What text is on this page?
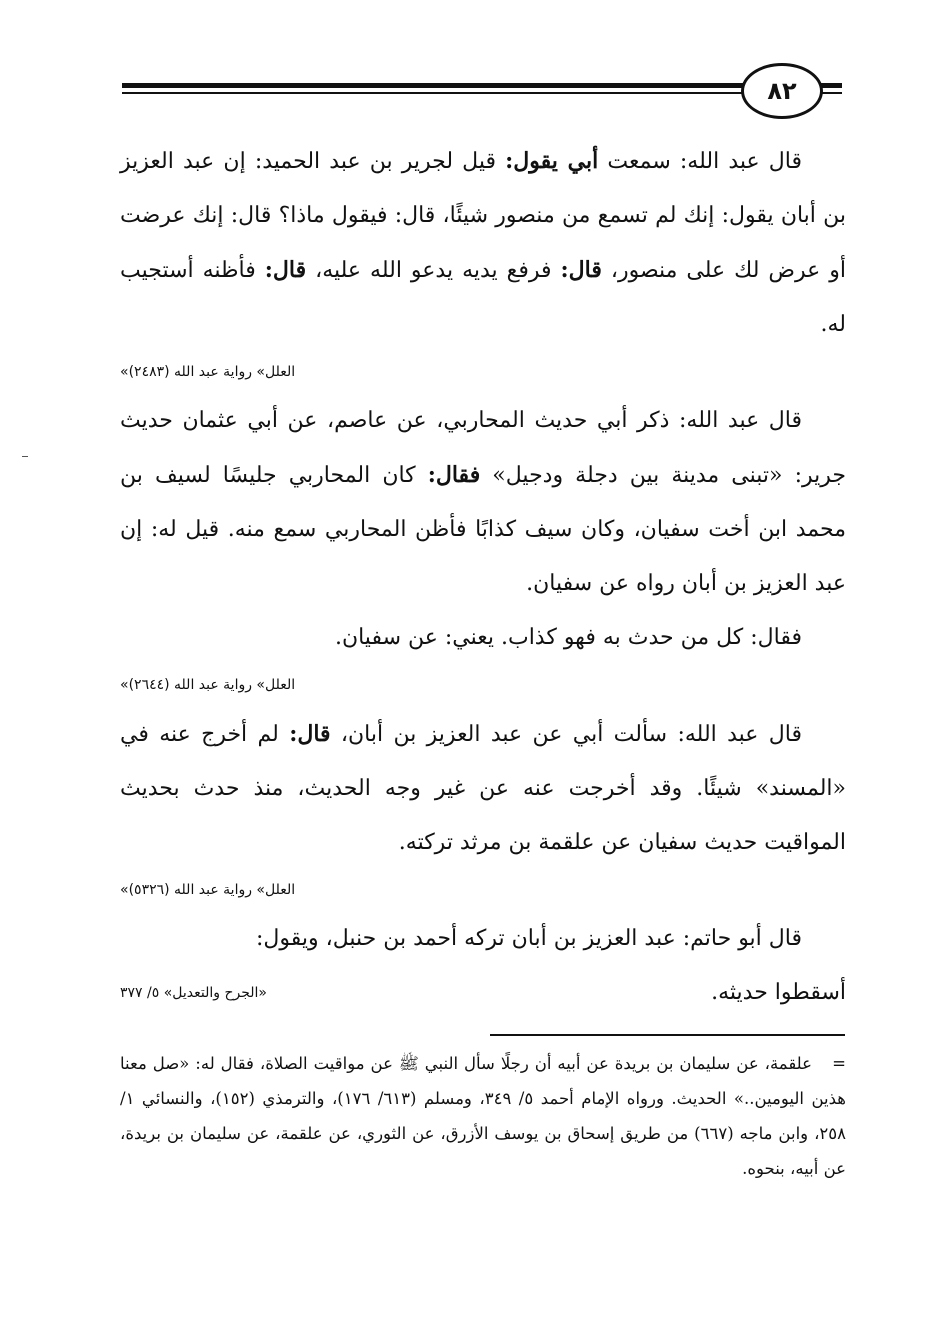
٨٢

قال عبد الله: سمعت أبي يقول: قيل لجرير بن عبد الحميد: إن عبد العزيز بن أبان يقول: إنك لم تسمع من منصور شيئًا، قال: فيقول ماذا؟ قال: إنك عرضت أو عرض لك على منصور، قال: فرفع يديه يدعو الله عليه، قال: فأظنه أستجيب له.

«العلل» رواية عبد الله (٢٤٨٣)

قال عبد الله: ذكر أبي حديث المحاربي، عن عاصم، عن أبي عثمان حديث جرير: «تبنى مدينة بين دجلة ودجيل» فقال: كان المحاربي جليسًا لسيف بن محمد ابن أخت سفيان، وكان سيف كذابًا فأظن المحاربي سمع منه. قيل له: إن عبد العزيز بن أبان رواه عن سفيان.

فقال: كل من حدث به فهو كذاب. يعني: عن سفيان.

«العلل» رواية عبد الله (٢٦٤٤)

قال عبد الله: سألت أبي عن عبد العزيز بن أبان، قال: لم أخرج عنه في «المسند» شيئًا. وقد أخرجت عنه عن غير وجه الحديث، منذ حدث بحديث المواقيت حديث سفيان عن علقمة بن مرثد تركته.

«العلل» رواية عبد الله (٥٣٢٦)

قال أبو حاتم: عبد العزيز بن أبان تركه أحمد بن حنبل، ويقول:

أسقطوا حديثه.
«الجرح والتعديل» ٥/ ٣٧٧
=علقمة، عن سليمان بن بريدة عن أبيه أن رجلًا سأل النبي ﷺ عن مواقيت الصلاة، فقال له: «صل معنا هذين اليومين..» الحديث. ورواه الإمام أحمد ٥/ ٣٤٩، ومسلم (٦١٣/ ١٧٦)، والترمذي (١٥٢)، والنسائي ١/ ٢٥٨، وابن ماجه (٦٦٧) من طريق إسحاق بن يوسف الأزرق، عن الثوري، عن علقمة، عن سليمان بن بريدة، عن أبيه، بنحوه.
